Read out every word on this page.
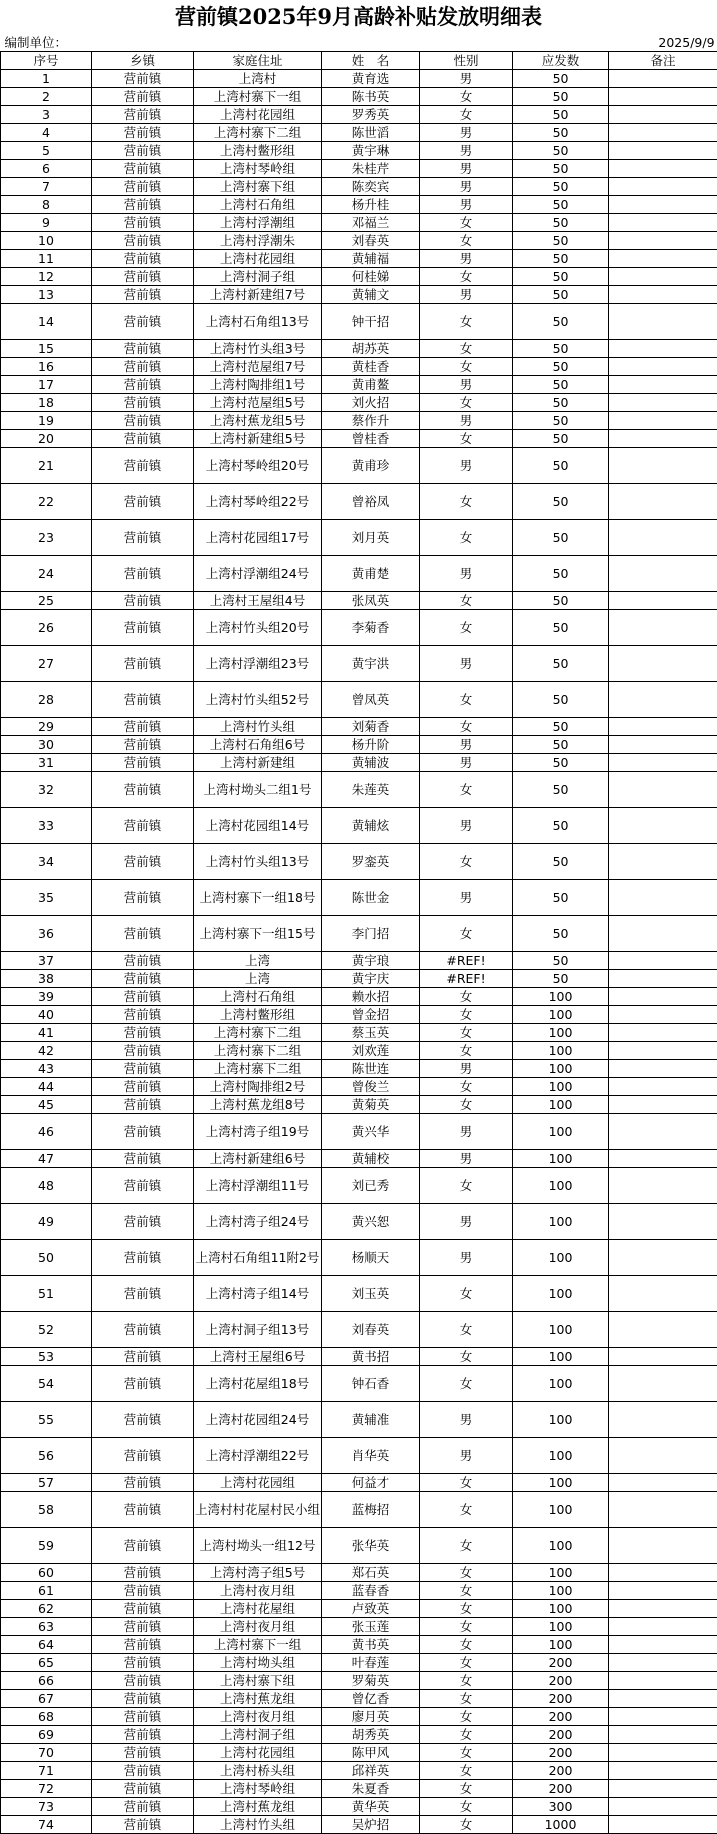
营前镇2025年9月高龄补贴发放明细表
编制单位：						2025/9/9
序号	乡镇	家庭住址	姓　名	性别	应发数	备注
1	营前镇	上湾村	黄育选	男	50	
2	营前镇	上湾村寨下一组	陈书英	女	50	
3	营前镇	上湾村花园组	罗秀英	女	50	
4	营前镇	上湾村寨下二组	陈世滔	男	50	
5	营前镇	上湾村鳖形组	黄宇琳	男	50	
6	营前镇	上湾村琴岭组	朱桂芹	男	50	
7	营前镇	上湾村寨下组	陈奕宾	男	50	
8	营前镇	上湾村石角组	杨升桂	男	50	
9	营前镇	上湾村浮潮组	邓福兰	女	50	
10	营前镇	上湾村浮潮朱	刘春英	女	50	
11	营前镇	上湾村花园组	黄辅福	男	50	
12	营前镇	上湾村洞子组	何桂娣	女	50	
13	营前镇	上湾村新建组7号	黄辅文	男	50	
14	营前镇	上湾村石角组13号	钟干招	女	50	
15	营前镇	上湾村竹头组3号	胡苏英	女	50	
16	营前镇	上湾村范屋组7号	黄桂香	女	50	
17	营前镇	上湾村陶排组1号	黄甫鳌	男	50	
18	营前镇	上湾村范屋组5号	刘火招	女	50	
19	营前镇	上湾村蕉龙组5号	蔡作升	男	50	
20	营前镇	上湾村新建组5号	曾桂香	女	50	
21	营前镇	上湾村琴岭组20号	黄甫珍	男	50	
22	营前镇	上湾村琴岭组22号	曾裕凤	女	50	
23	营前镇	上湾村花园组17号	刘月英	女	50	
24	营前镇	上湾村浮潮组24号	黄甫楚	男	50	
25	营前镇	上湾村王屋组4号	张凤英	女	50	
26	营前镇	上湾村竹头组20号	李菊香	女	50	
27	营前镇	上湾村浮潮组23号	黄宇洪	男	50	
28	营前镇	上湾村竹头组52号	曾凤英	女	50	
29	营前镇	上湾村竹头组	刘菊香	女	50	
30	营前镇	上湾村石角组6号	杨升阶	男	50	
31	营前镇	上湾村新建组	黄辅波	男	50	
32	营前镇	上湾村坳头二组1号	朱莲英	女	50	
33	营前镇	上湾村花园组14号	黄辅炫	男	50	
34	营前镇	上湾村竹头组13号	罗銮英	女	50	
35	营前镇	上湾村寨下一组18号	陈世金	男	50	
36	营前镇	上湾村寨下一组15号	李门招	女	50	
37	营前镇	上湾	黄宇琅	#REF!	50	
38	营前镇	上湾	黄宇庆	#REF!	50	
39	营前镇	上湾村石角组	赖水招	女	100	
40	营前镇	上湾村鳖形组	曾金招	女	100	
41	营前镇	上湾村寨下二组	蔡玉英	女	100	
42	营前镇	上湾村寨下二组	刘欢莲	女	100	
43	营前镇	上湾村寨下二组	陈世连	男	100	
44	营前镇	上湾村陶排组2号	曾俊兰	女	100	
45	营前镇	上湾村蕉龙组8号	黄菊英	女	100	
46	营前镇	上湾村湾子组19号	黄兴华	男	100	
47	营前镇	上湾村新建组6号	黄辅校	男	100	
48	营前镇	上湾村浮潮组11号	刘已秀	女	100	
49	营前镇	上湾村湾子组24号	黄兴恕	男	100	
50	营前镇	上湾村石角组11附2号	杨顺天	男	100	
51	营前镇	上湾村湾子组14号	刘玉英	女	100	
52	营前镇	上湾村洞子组13号	刘春英	女	100	
53	营前镇	上湾村王屋组6号	黄书招	女	100	
54	营前镇	上湾村花屋组18号	钟石香	女	100	
55	营前镇	上湾村花园组24号	黄辅准	男	100	
56	营前镇	上湾村浮潮组22号	肖华英	男	100	
57	营前镇	上湾村花园组	何益才	女	100	
58	营前镇	上湾村村花屋村民小组	蓝梅招	女	100	
59	营前镇	上湾村坳头一组12号	张华英	女	100	
60	营前镇	上湾村湾子组5号	郑石英	女	100	
61	营前镇	上湾村夜月组	蓝春香	女	100	
62	营前镇	上湾村花屋组	卢致英	女	100	
63	营前镇	上湾村夜月组	张玉莲	女	100	
64	营前镇	上湾村寨下一组	黄书英	女	100	
65	营前镇	上湾村坳头组	叶春莲	女	200	
66	营前镇	上湾村寨下组	罗菊英	女	200	
67	营前镇	上湾村蕉龙组	曾亿香	女	200	
68	营前镇	上湾村夜月组	廖月英	女	200	
69	营前镇	上湾村洞子组	胡秀英	女	200	
70	营前镇	上湾村花园组	陈甲风	女	200	
71	营前镇	上湾村桥头组	邱祥英	女	200	
72	营前镇	上湾村琴岭组	朱夏香	女	200	
73	营前镇	上湾村蕉龙组	黄华英	女	300	
74	营前镇	上湾村竹头组	吴炉招	女	1000	
